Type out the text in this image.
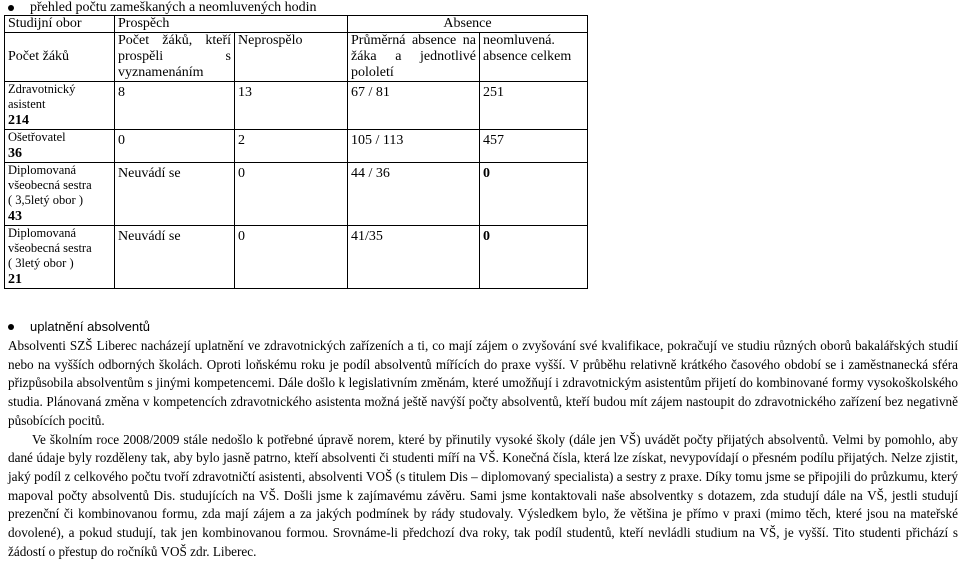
přehled počtu zameškaných a neomluvených hodin
Studijní obor	Prospěch		Absence	
Počet žáků	Počet žáků, kteří prospěli s vyznamenáním	Neprospělo	Průměrná absence na žáka a jednotlivé pololetí	neomluvená. absence celkem

Zdravotnický
asistent
214	8	13	67 / 81	251

Ošetřovatel
36	0	2	105 / 113	457

Diplomovaná
všeobecná sestra
( 3,5letý obor )
43	Neuvádí se	0	44 / 36	0

Diplomovaná
všeobecná sestra
( 3letý obor )
21	Neuvádí se	0	41/35	0
uplatnění absolventů

Absolventi SZŠ Liberec nacházejí uplatnění ve zdravotnických zařízeních a ti, co mají zájem o zvyšování své kvalifikace, pokračují ve studiu různých oborů bakalářských studií nebo na vyšších odborných školách. Oproti loňskému roku je podíl absolventů mířících do praxe vyšší. V průběhu relativně krátkého časového období se i zaměstnanecká sféra přizpůsobila absolventům s jinými kompetencemi. Dále došlo k legislativním změnám, které umožňují i zdravotnickým asistentům přijetí do kombinované formy vysokoškolského studia. Plánovaná změna v kompetencích zdravotnického asistenta možná ještě navýší počty absolventů, kteří budou mít zájem nastoupit do zdravotnického zařízení bez negativně působících pocitů.

Ve školním roce 2008/2009 stále nedošlo k potřebné úpravě norem, které by přinutily vysoké školy (dále jen VŠ) uvádět počty přijatých absolventů. Velmi by pomohlo, aby dané údaje byly rozděleny tak, aby bylo jasně patrno, kteří absolventi či studenti míří na VŠ. Konečná čísla, která lze získat, nevypovídají o přesném podílu přijatých. Nelze zjistit, jaký podíl z celkového počtu tvoří zdravotničtí asistenti, absolventi VOŠ (s titulem Dis – diplomovaný specialista) a sestry z praxe. Díky tomu jsme se připojili do průzkumu, který mapoval počty absolventů Dis. studujících na VŠ. Došli jsme k zajímavému závěru. Sami jsme kontaktovali naše absolventky s dotazem, zda studují dále na VŠ, jestli studují prezenční či kombinovanou formu, zda mají zájem a za jakých podmínek by rády studovaly. Výsledkem bylo, že většina je přímo v praxi (mimo těch, které jsou na mateřské dovolené), a pokud studují, tak jen kombinovanou formou. Srovnáme-li předchozí dva roky, tak podíl studentů, kteří nevládli studium na VŠ, je vyšší. Tito studenti přichází s žádostí o přestup do ročníků VOŠ zdr. Liberec.
